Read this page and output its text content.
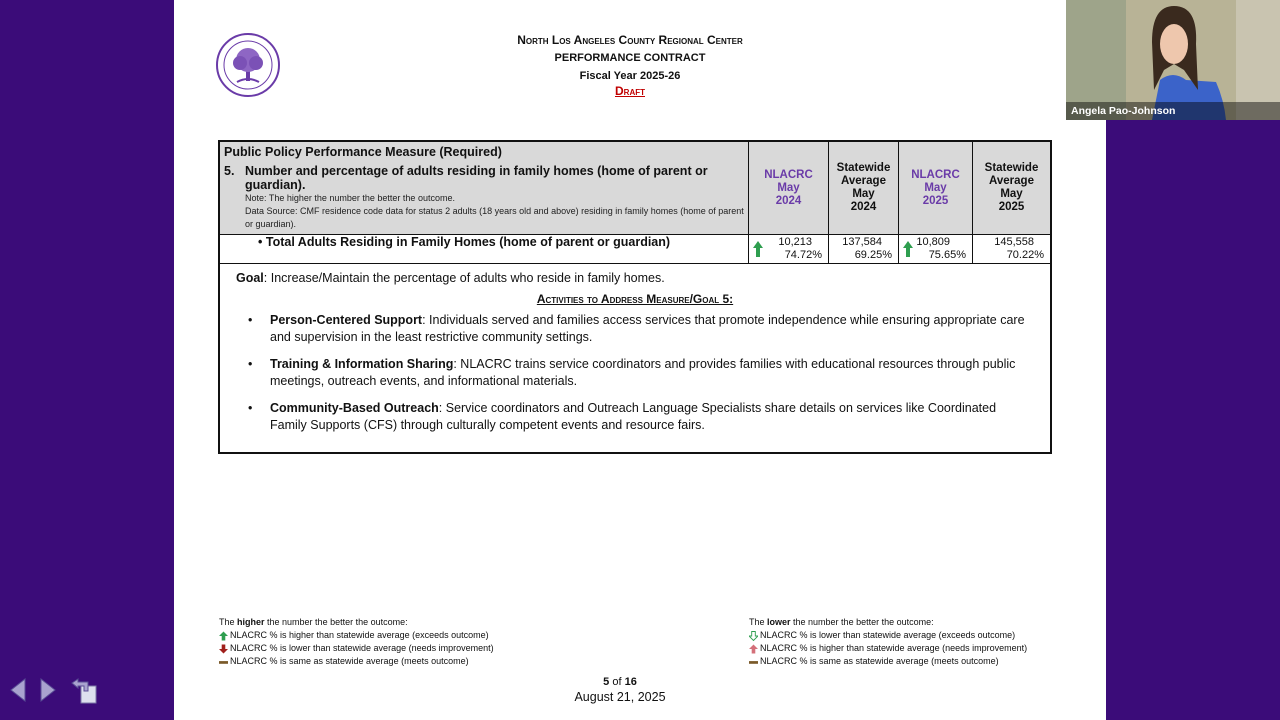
North Los Angeles County Regional Center
PERFORMANCE CONTRACT
Fiscal Year 2025-26
Draft
Public Policy Performance Measure (Required)
5. Number and percentage of adults residing in family homes (home of parent or guardian).
Note: The higher the number the better the outcome.
Data Source: CMF residence code data for status 2 adults (18 years old and above) residing in family homes (home of parent or guardian).
NLACRC
May
2024
Statewide
Average
May
2024
NLACRC
May
2025
Statewide
Average
May
2025
• Total Adults Residing in Family Homes (home of parent or guardian)	10,213
74.72%
137,584
69.25%
10,809
75.65%
145,558
70.22%
Goal: Increase/Maintain the percentage of adults who reside in family homes.
Activities to Address Measure/Goal 5:
• Person-Centered Support: Individuals served and families access services that promote independence while ensuring appropriate care and supervision in the least restrictive community settings.
• Training & Information Sharing: NLACRC trains service coordinators and provides families with educational resources through public meetings, outreach events, and informational materials.
• Community-Based Outreach: Service coordinators and Outreach Language Specialists share details on services like Coordinated Family Supports (CFS) through culturally competent events and resource fairs.
The higher the number the better the outcome:
NLACRC % is higher than statewide average (exceeds outcome)
NLACRC % is lower than statewide average (needs improvement)
NLACRC % is same as statewide average (meets outcome)
The lower the number the better the outcome:
NLACRC % is lower than statewide average (exceeds outcome)
NLACRC % is higher than statewide average (needs improvement)
NLACRC % is same as statewide average (meets outcome)
5 of 16
August 21, 2025
Angela Pao-Johnson
